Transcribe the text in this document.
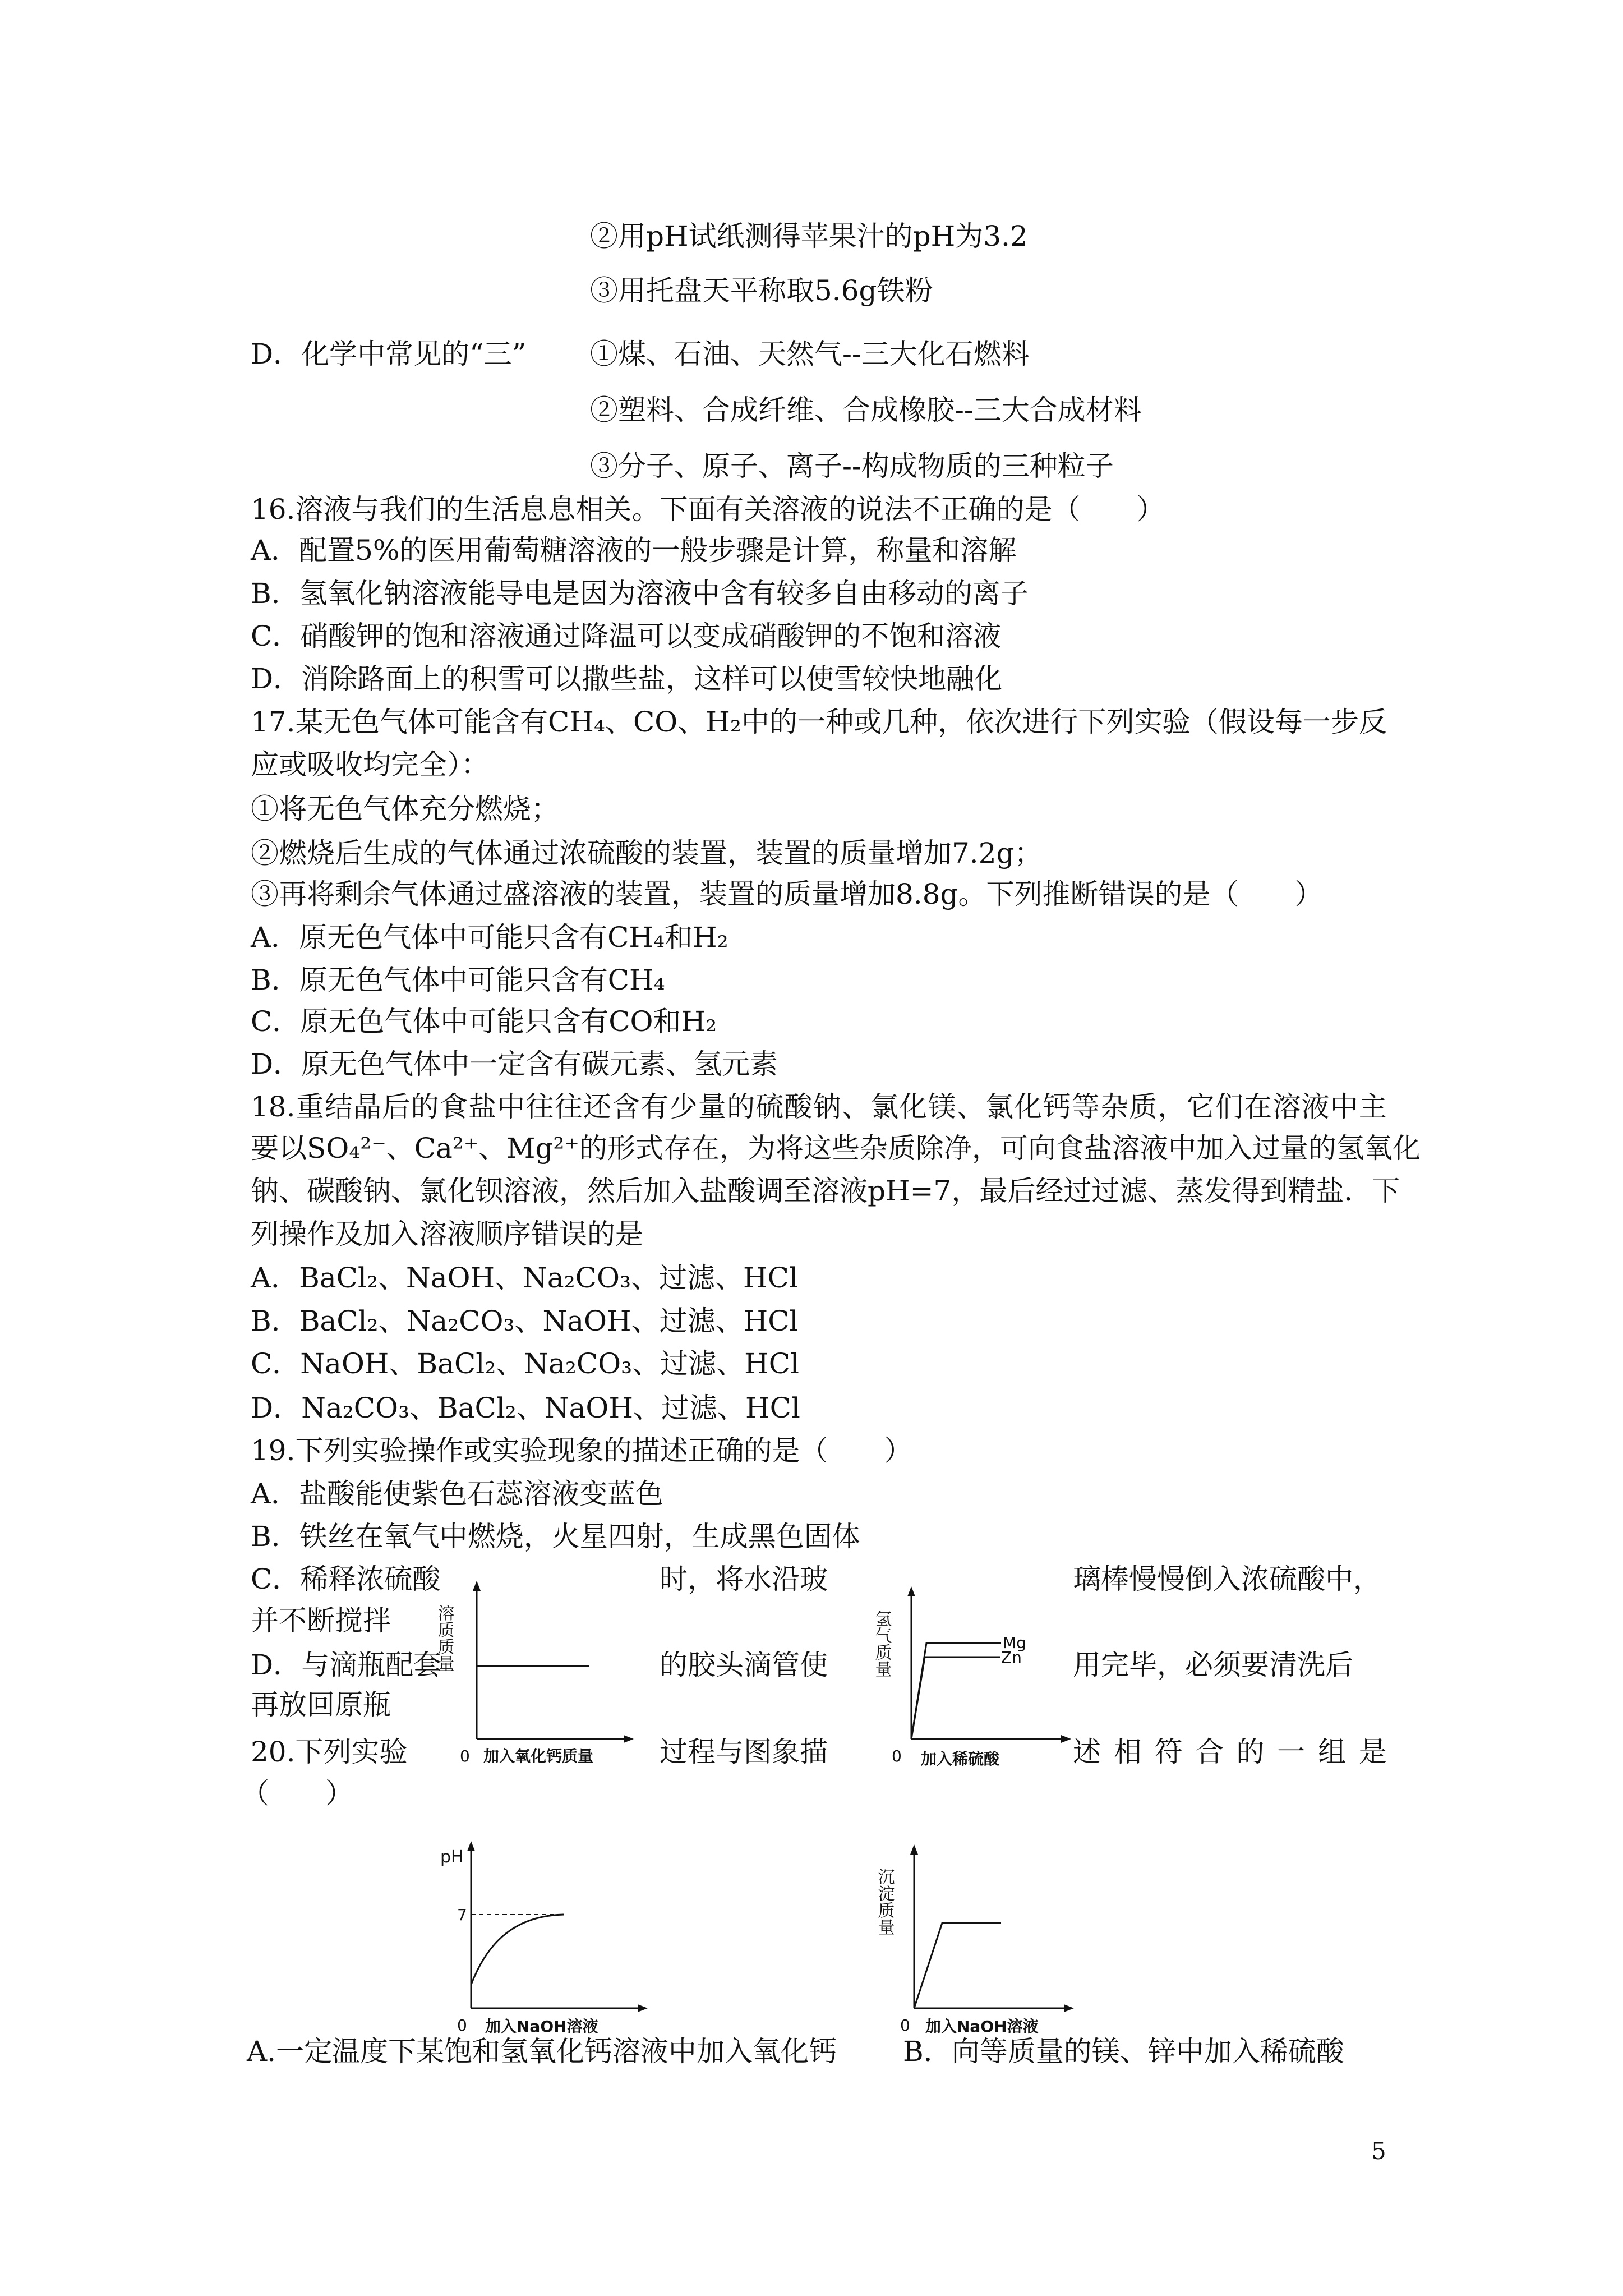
②用pH试纸测得苹果汁的pH为3.2
③用托盘天平称取5.6g铁粉
D．化学中常见的“三” ①煤、石油、天然气--三大化石燃料
②塑料、合成纤维、合成橡胶--三大合成材料
③分子、原子、离子--构成物质的三种粒子
16.溶液与我们的生活息息相关。下面有关溶液的说法不正确的是（　　）
A．配置5%的医用葡萄糖溶液的一般步骤是计算，称量和溶解
B．氢氧化钠溶液能导电是因为溶液中含有较多自由移动的离子
C．硝酸钾的饱和溶液通过降温可以变成硝酸钾的不饱和溶液
D．消除路面上的积雪可以撒些盐，这样可以使雪较快地融化
17.某无色气体可能含有CH₄、CO、H₂中的一种或几种，依次进行下列实验（假设每一步反
应或吸收均完全）：
①将无色气体充分燃烧；
②燃烧后生成的气体通过浓硫酸的装置，装置的质量增加7.2g；
③再将剩余气体通过盛溶液的装置，装置的质量增加8.8g。下列推断错误的是（　　）
A．原无色气体中可能只含有CH₄和H₂
B．原无色气体中可能只含有CH₄
C．原无色气体中可能只含有CO和H₂
D．原无色气体中一定含有碳元素、氢元素
18.重结晶后的食盐中往往还含有少量的硫酸钠、氯化镁、氯化钙等杂质，它们在溶液中主
要以SO₄²⁻、Ca²⁺、Mg²⁺的形式存在，为将这些杂质除净，可向食盐溶液中加入过量的氢氧化
钠、碳酸钠、氯化钡溶液，然后加入盐酸调至溶液pH=7，最后经过过滤、蒸发得到精盐．下
列操作及加入溶液顺序错误的是
A．BaCl₂、NaOH、Na₂CO₃、过滤、HCl
B．BaCl₂、Na₂CO₃、NaOH、过滤、HCl
C．NaOH、BaCl₂、Na₂CO₃、过滤、HCl
D．Na₂CO₃、BaCl₂、NaOH、过滤、HCl
19.下列实验操作或实验现象的描述正确的是（　　）
A．盐酸能使紫色石蕊溶液变蓝色
B．铁丝在氧气中燃烧，火星四射，生成黑色固体
C．稀释浓硫酸	时，将水沿玻	璃棒慢慢倒入浓硫酸中，
并不断搅拌
D．与滴瓶配套	的胶头滴管使	用完毕，必须要清洗后
再放回原瓶
20.下列实验	过程与图象描	述相符合的一组是
（　　）
溶质质量
0 加入氧化钙质量
Mg
Zn
氢气质量
0 加入稀硫酸
pH
7
0 加入NaOH溶液
沉淀质量
0 加入NaOH溶液
A.一定温度下某饱和氢氧化钙溶液中加入氧化钙 B．向等质量的镁、锌中加入稀硫酸
5
